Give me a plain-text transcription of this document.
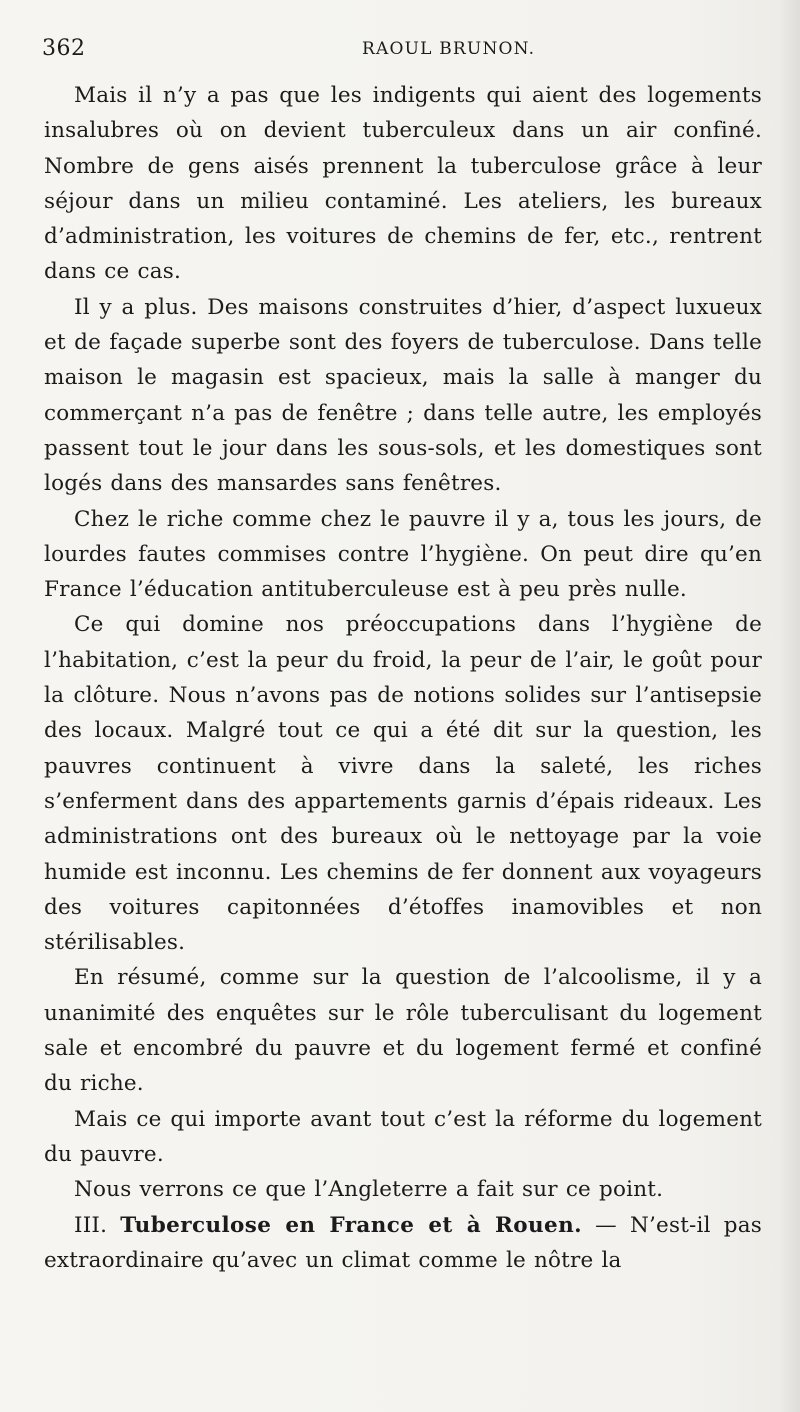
362	RAOUL BRUNON.

Mais il n’y a pas que les indigents qui aient des logements insalubres où on devient tuberculeux dans un air confiné. Nombre de gens aisés prennent la tuberculose grâce à leur séjour dans un milieu contaminé. Les ateliers, les bureaux d’administration, les voitures de chemins de fer, etc., rentrent dans ce cas.

Il y a plus. Des maisons construites d’hier, d’aspect luxueux et de façade superbe sont des foyers de tuberculose. Dans telle maison le magasin est spacieux, mais la salle à manger du commerçant n’a pas de fenêtre ; dans telle autre, les employés passent tout le jour dans les sous-sols, et les domestiques sont logés dans des mansardes sans fenêtres.

Chez le riche comme chez le pauvre il y a, tous les jours, de lourdes fautes commises contre l’hygiène. On peut dire qu’en France l’éducation antituberculeuse est à peu près nulle.

Ce qui domine nos préoccupations dans l’hygiène de l’habitation, c’est la peur du froid, la peur de l’air, le goût pour la clôture. Nous n’avons pas de notions solides sur l’antisepsie des locaux. Malgré tout ce qui a été dit sur la question, les pauvres continuent à vivre dans la saleté, les riches s’enferment dans des appartements garnis d’épais rideaux. Les administrations ont des bureaux où le nettoyage par la voie humide est inconnu. Les chemins de fer donnent aux voyageurs des voitures capitonnées d’étoffes inamovibles et non stérilisables.

En résumé, comme sur la question de l’alcoolisme, il y a unanimité des enquêtes sur le rôle tuberculisant du logement sale et encombré du pauvre et du logement fermé et confiné du riche.

Mais ce qui importe avant tout c’est la réforme du logement du pauvre.

Nous verrons ce que l’Angleterre a fait sur ce point.

III. Tuberculose en France et à Rouen. — N’est-il pas extraordinaire qu’avec un climat comme le nôtre la
